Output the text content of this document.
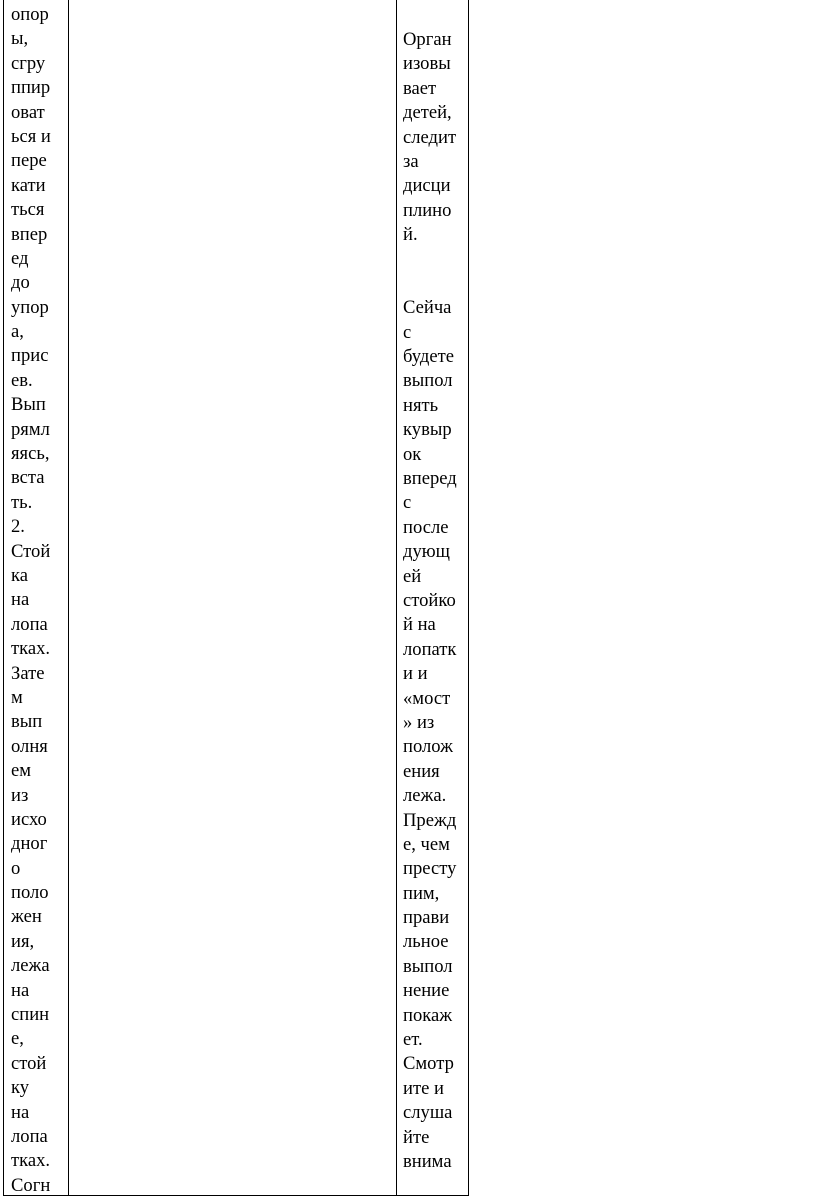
опор
ы,
сгру
ппир
оват
ься и
пере
кати
ться
впер
ед
до
упор
а,
прис
ев.
Вып
рямл
яясь,
вста
ть.
2.
Стой
ка
на
лопа
тках.
Зате
м
вып
олня
ем
из
исхо
днoг
о
поло
жен
ия,
лежа
на
спин
е,
стой
ку
на
лопа
тках.
Согн
Орган
изовы
вает
детей,
следит
за
дисци
плино
й.
Сейча
с
будете
выпол
нять
кувыр
ок
вперед
с
после
дующ
ей
стойко
й на
лопатк
и и
«мост
» из
полож
ения
лежа.
Прежд
е, чем
престу
пим,
прави
льное
выпол
нение
покаж
ет.
Смотр
ите и
слуша
йте
внима
